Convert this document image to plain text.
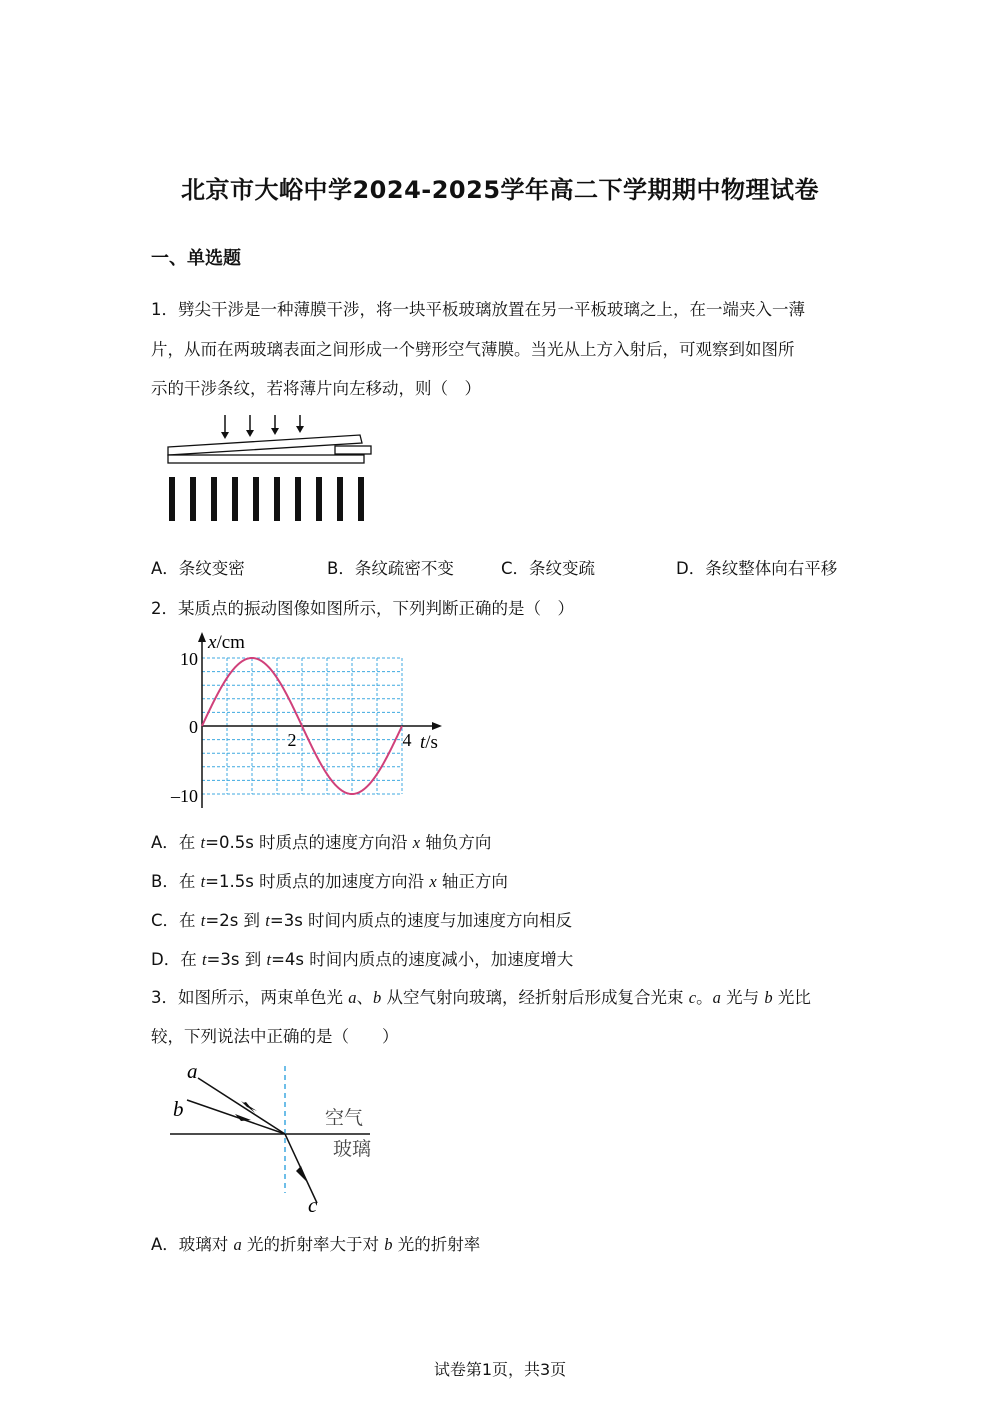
北京市大峪中学2024-2025学年高二下学期期中物理试卷
一、单选题
1．劈尖干涉是一种薄膜干涉，将一块平板玻璃放置在另一平板玻璃之上，在一端夹入一薄
片，从而在两玻璃表面之间形成一个劈形空气薄膜。当光从上方入射后，可观察到如图所
示的干涉条纹，若将薄片向左移动，则（　）
A．条纹变密	B．条纹疏密不变	C．条纹变疏	D．条纹整体向右平移
2．某质点的振动图像如图所示，下列判断正确的是（　）
x/cm
t/s
10
0
–10
2	4
A．在 t=0.5s 时质点的速度方向沿 x 轴负方向
B．在 t=1.5s 时质点的加速度方向沿 x 轴正方向
C．在 t=2s 到 t=3s 时间内质点的速度与加速度方向相反
D．在 t=3s 到 t=4s 时间内质点的速度减小，加速度增大
3．如图所示，两束单色光 a、b 从空气射向玻璃，经折射后形成复合光束 c。a 光与 b 光比
较，下列说法中正确的是（　　）
a
b
c
空气
玻璃
A．玻璃对 a 光的折射率大于对 b 光的折射率
试卷第1页，共3页
